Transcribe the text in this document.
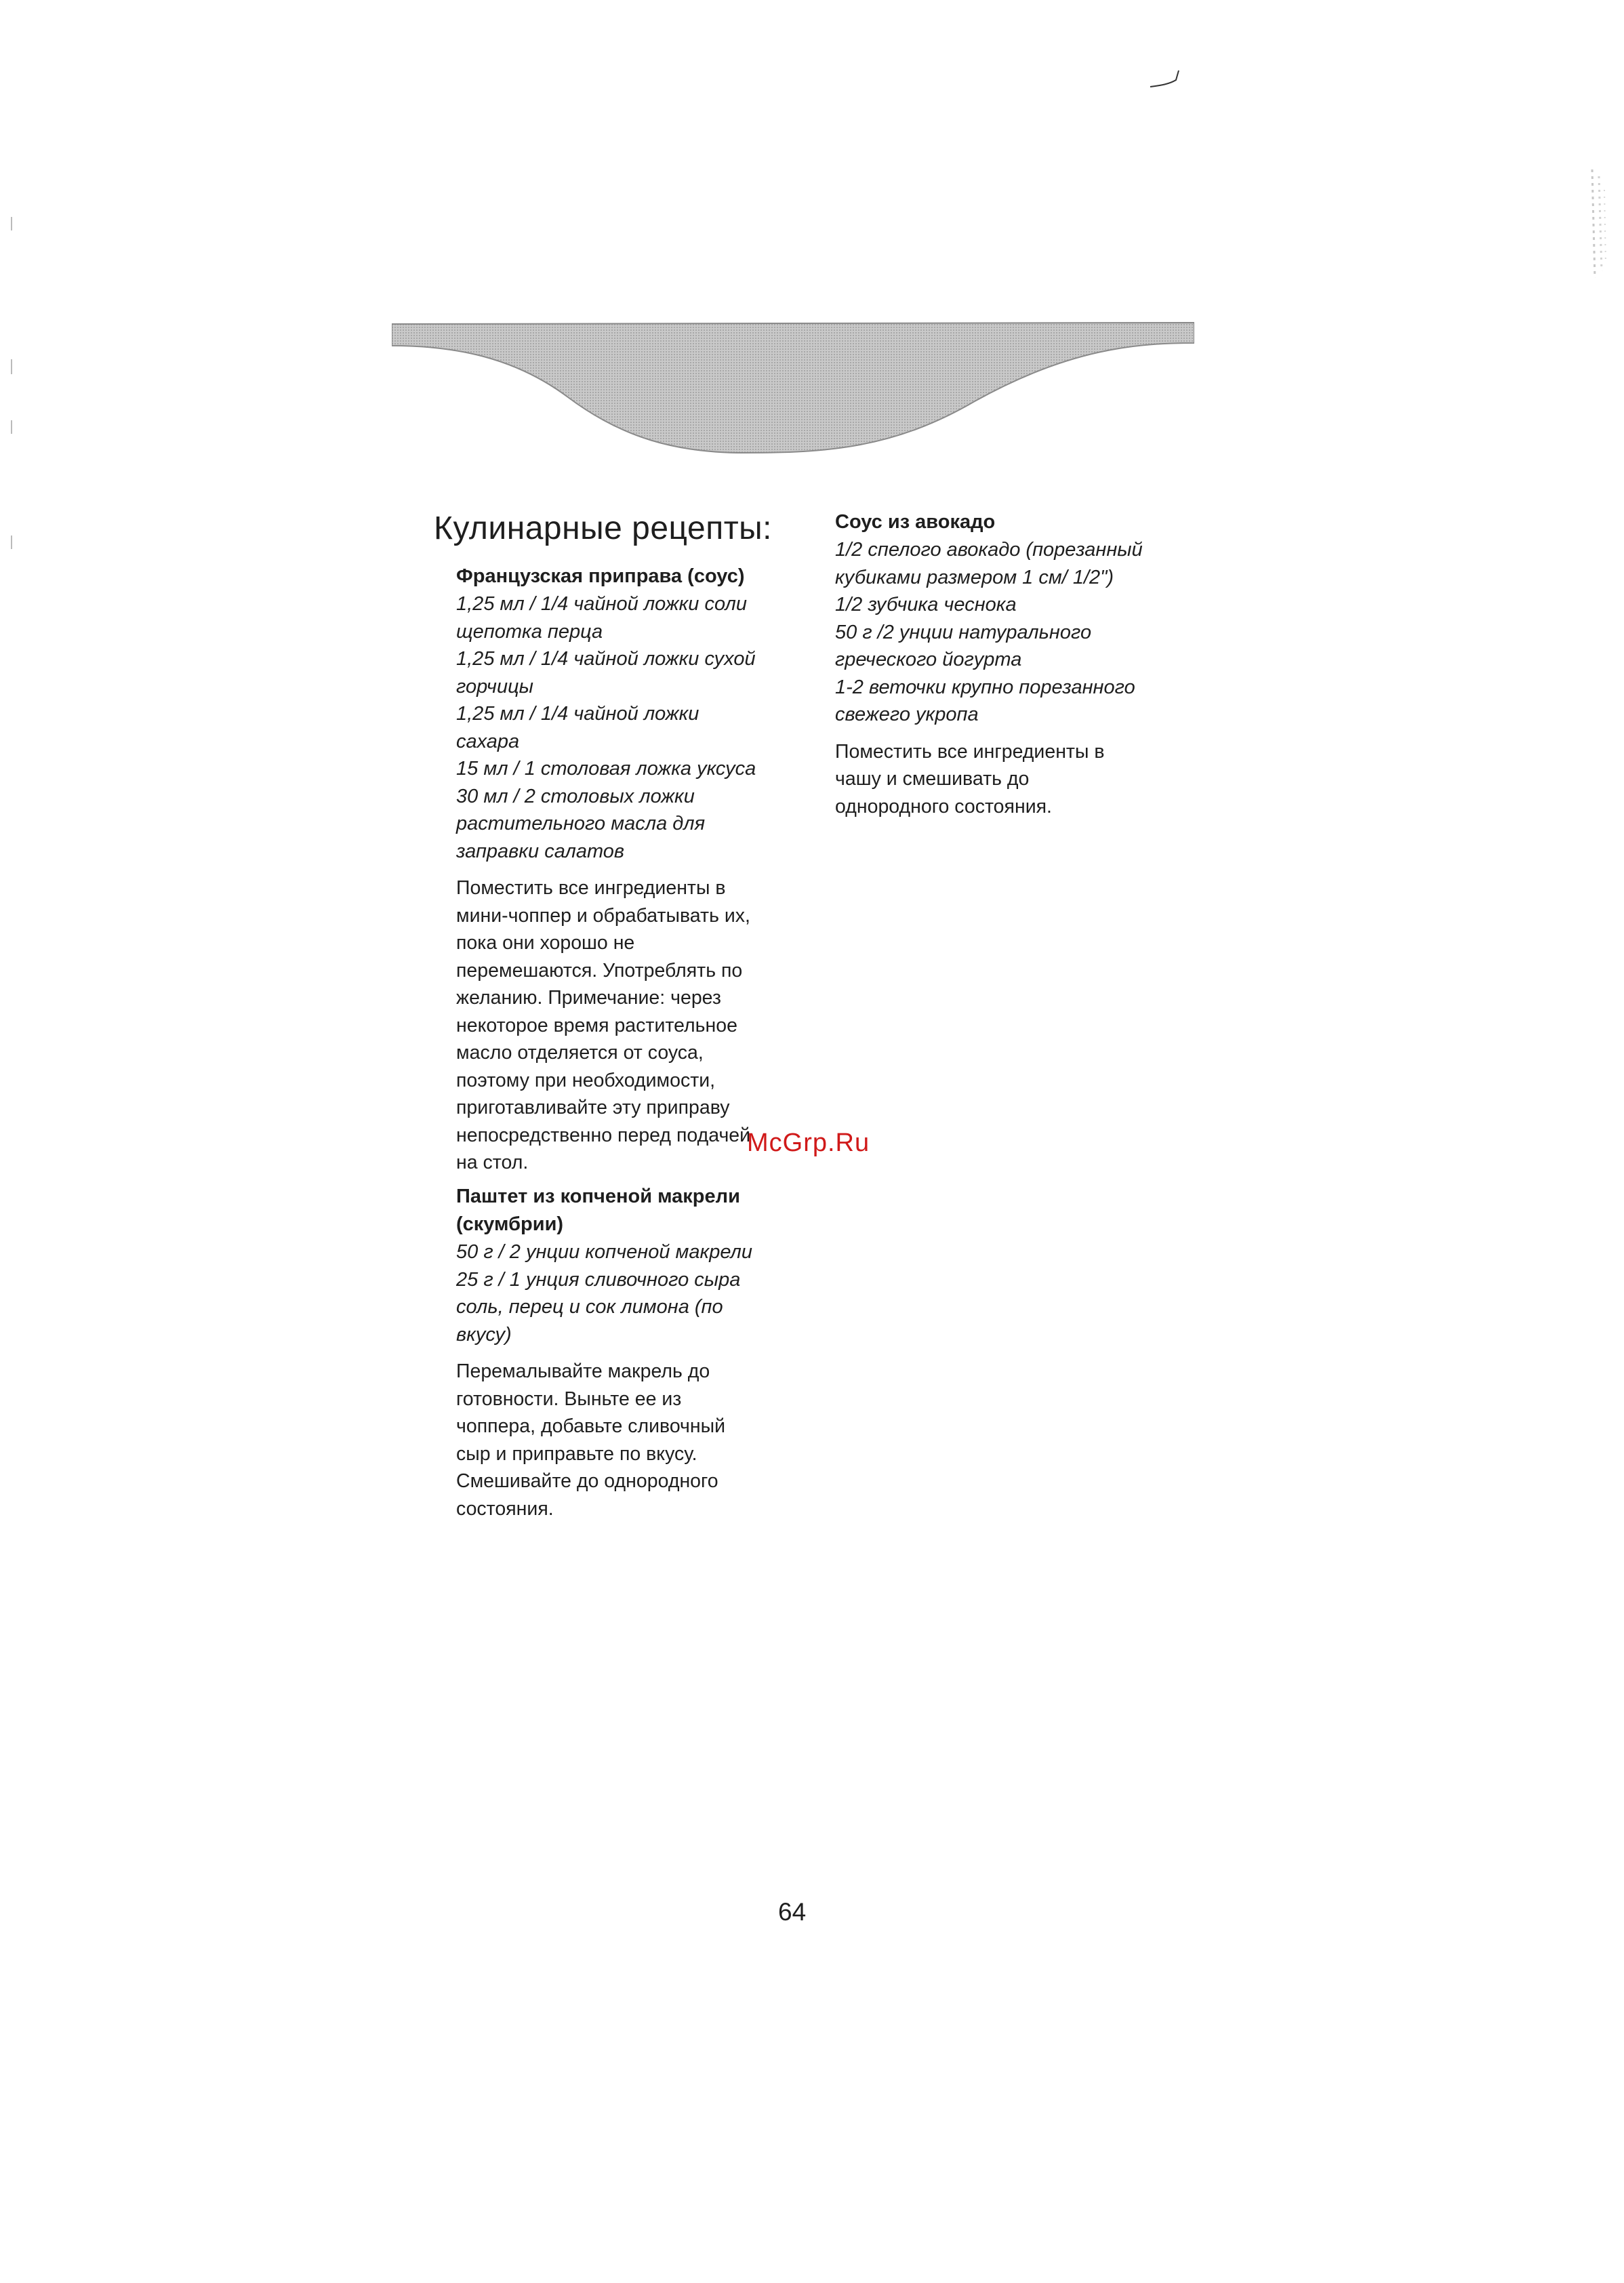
Кулинарные рецепты:

Французская приправа (соус)

1,25 мл / 1/4 чайной ложки соли
щепотка перца
1,25 мл / 1/4 чайной ложки сухой
горчицы
1,25 мл / 1/4 чайной ложки
сахара
15 мл / 1 столовая ложка уксуса
30 мл / 2 столовых ложки
растительного масла для
заправки салатов
Поместить все ингредиенты в
мини-чоппер и обрабатывать их,
пока они хорошо не
перемешаются. Употреблять по
желанию. Примечание: через
некоторое время растительное
масло отделяется от соуса,
поэтому при необходимости,
приготавливайте эту приправу
непосредственно перед подачей
на стол.

Паштет из копченой макрели

(скумбрии)

50 г / 2 унции копченой макрели
25 г / 1 унция сливочного сыра
соль, перец и сок лимона (по
вкусу)
Перемалывайте макрель до
готовности. Выньте ее из
чоппера, добавьте сливочный
сыр и приправьте по вкусу.
Смешивайте до однородного
состояния.

Соус из авокадо

1/2 спелого авокадо (порезанный
кубиками размером 1 см/ 1/2")
1/2 зубчика чеснока
50 г /2 унции натурального
греческого йогурта
1-2 веточки крупно порезанного
свежего укропа
Поместить все ингредиенты в
чашу и смешивать до
однородного состояния.
McGrp.Ru
64
